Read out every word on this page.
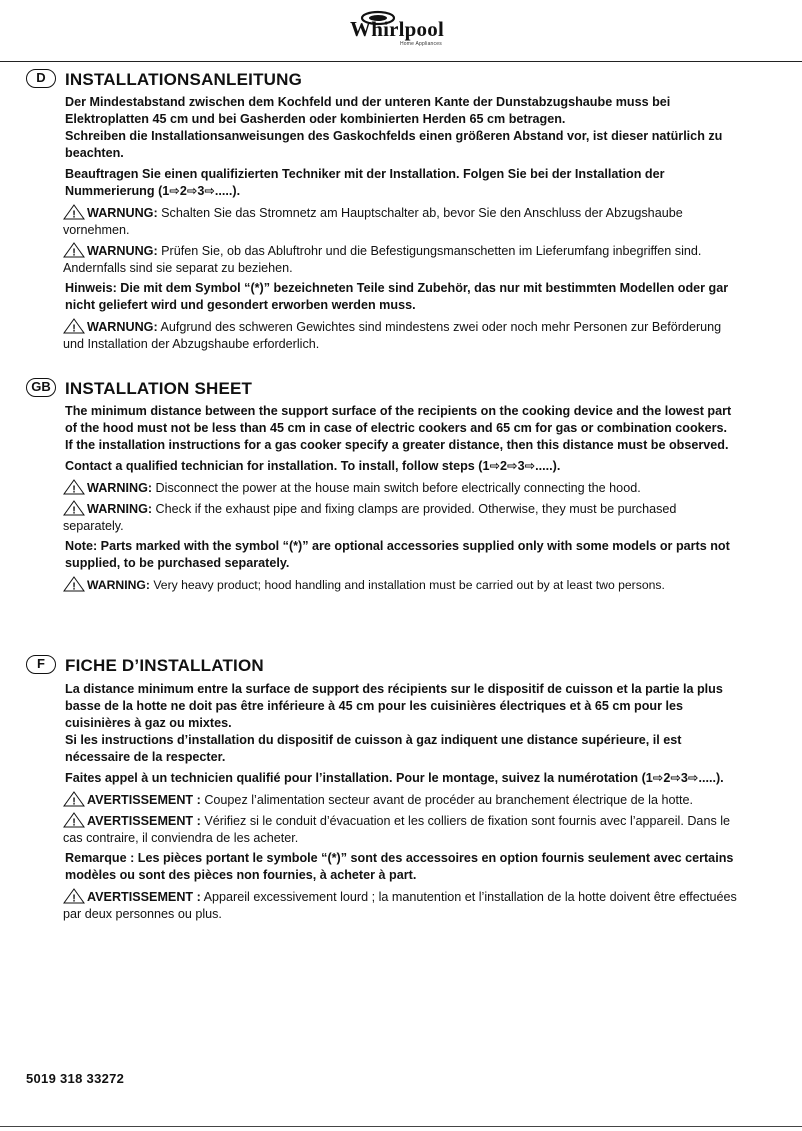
Whirlpool
Home Appliances
D	INSTALLATIONSANLEITUNG
Der Mindestabstand zwischen dem Kochfeld und der unteren Kante der Dunstabzugshaube muss bei Elektroplatten 45 cm und bei Gasherden oder kombinierten Herden 65 cm betragen.
Schreiben die Installationsanweisungen des Gaskochfelds einen größeren Abstand vor, ist dieser natürlich zu beachten.
Beauftragen Sie einen qualifizierten Techniker mit der Installation. Folgen Sie bei der Installation der Nummerierung (1⇨2⇨3⇨.....).
! WARNUNG: Schalten Sie das Stromnetz am Hauptschalter ab, bevor Sie den Anschluss der Abzugshaube vornehmen.
! WARNUNG: Prüfen Sie, ob das Abluftrohr und die Befestigungsmanschetten im Lieferumfang inbegriffen sind. Andernfalls sind sie separat zu beziehen.
Hinweis: Die mit dem Symbol “(*)” bezeichneten Teile sind Zubehör, das nur mit bestimmten Modellen oder gar nicht geliefert wird und gesondert erworben werden muss.
! WARNUNG: Aufgrund des schweren Gewichtes sind mindestens zwei oder noch mehr Personen zur Beförderung und Installation der Abzugshaube erforderlich.
GB INSTALLATION SHEET
The minimum distance between the support surface of the recipients on the cooking device and the lowest part of the hood must not be less than 45 cm in case of electric cookers and 65 cm for gas or combination cookers.
If the installation instructions for a gas cooker specify a greater distance, then this distance must be observed.
Contact a qualified technician for installation. To install, follow steps (1⇨2⇨3⇨.....).
! WARNING: Disconnect the power at the house main switch before electrically connecting the hood.
! WARNING: Check if the exhaust pipe and fixing clamps are provided. Otherwise, they must be purchased separately.
Note: Parts marked with the symbol “(*)” are optional accessories supplied only with some models or parts not supplied, to be purchased separately.
! WARNING: Very heavy product; hood handling and installation must be carried out by at least two persons.
F	FICHE D’INSTALLATION
La distance minimum entre la surface de support des récipients sur le dispositif de cuisson et la partie la plus basse de la hotte ne doit pas être inférieure à 45 cm pour les cuisinières électriques et à 65 cm pour les cuisinières à gaz ou mixtes.
Si les instructions d’installation du dispositif de cuisson à gaz indiquent une distance supérieure, il est nécessaire de la respecter.
Faites appel à un technicien qualifié pour l’installation. Pour le montage, suivez la numérotation (1⇨2⇨3⇨.....).
! AVERTISSEMENT : Coupez l’alimentation secteur avant de procéder au branchement électrique de la hotte.
! AVERTISSEMENT : Vérifiez si le conduit d’évacuation et les colliers de fixation sont fournis avec l’appareil. Dans le cas contraire, il conviendra de les acheter.
Remarque : Les pièces portant le symbole “(*)” sont des accessoires en option fournis seulement avec certains modèles ou sont des pièces non fournies, à acheter à part.
! AVERTISSEMENT : Appareil excessivement lourd ; la manutention et l’installation de la hotte doivent être effectuées par deux personnes ou plus.
5019 318 33272
